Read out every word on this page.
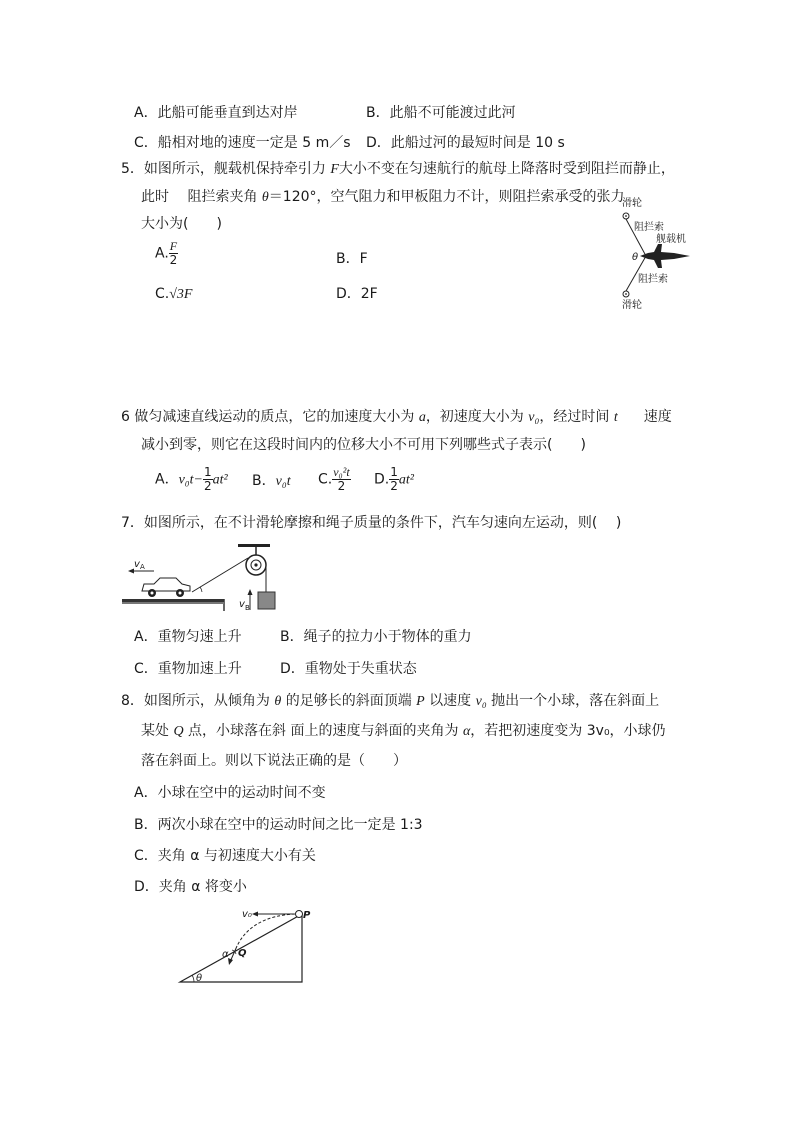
A．此船可能垂直到达对岸	B．此船不可能渡过此河
C．船相对地的速度一定是 5 m／s D．此船过河的最短时间是 10 s
5．如图所示，舰载机保持牵引力 F大小不变在匀速航行的航母上降落时受到阻拦而静止，
此时　 阻拦索夹角 θ＝120°，空气阻力和甲板阻力不计，则阻拦索承受的张力
大小为(　　)
A. $\frac{F}{2}$	B．F
C.√3F	D．2F
滑轮
阻拦索
舰载机
θ
阻拦索
滑轮
6 做匀减速直线运动的质点，它的加速度大小为 a，初速度大小为 v₀，经过时间 t 速度
减小到零，则它在这段时间内的位移大小不可用下列哪些式子表示(　　)
A．$v_0t- \frac{1}{2} at^2$ B．v₀t C. $\frac{\text{v₀²t}}{2} D$. $\frac{1}{2} at^2$
7．如图所示，在不计滑轮摩擦和绳子质量的条件下，汽车匀速向左运动，则(　 )
v A
v B
A．重物匀速上升	B．绳子的拉力小于物体的重力
C．重物加速上升	D．重物处于失重状态
8．如图所示，从倾角为 θ 的足够长的斜面顶端 P 以速度 v₀ 抛出一个小球，落在斜面上
某处 Q 点，小球落在斜 面上的速度与斜面的夹角为 α，若把初速度变为 3v₀，小球仍
落在斜面上。则以下说法正确的是（　　）
A．小球在空中的运动时间不变
B．两次小球在空中的运动时间之比一定是 1:3
C．夹角 α 与初速度大小有关
D．夹角 α 将变小
v₀	P
Q
α
θ
